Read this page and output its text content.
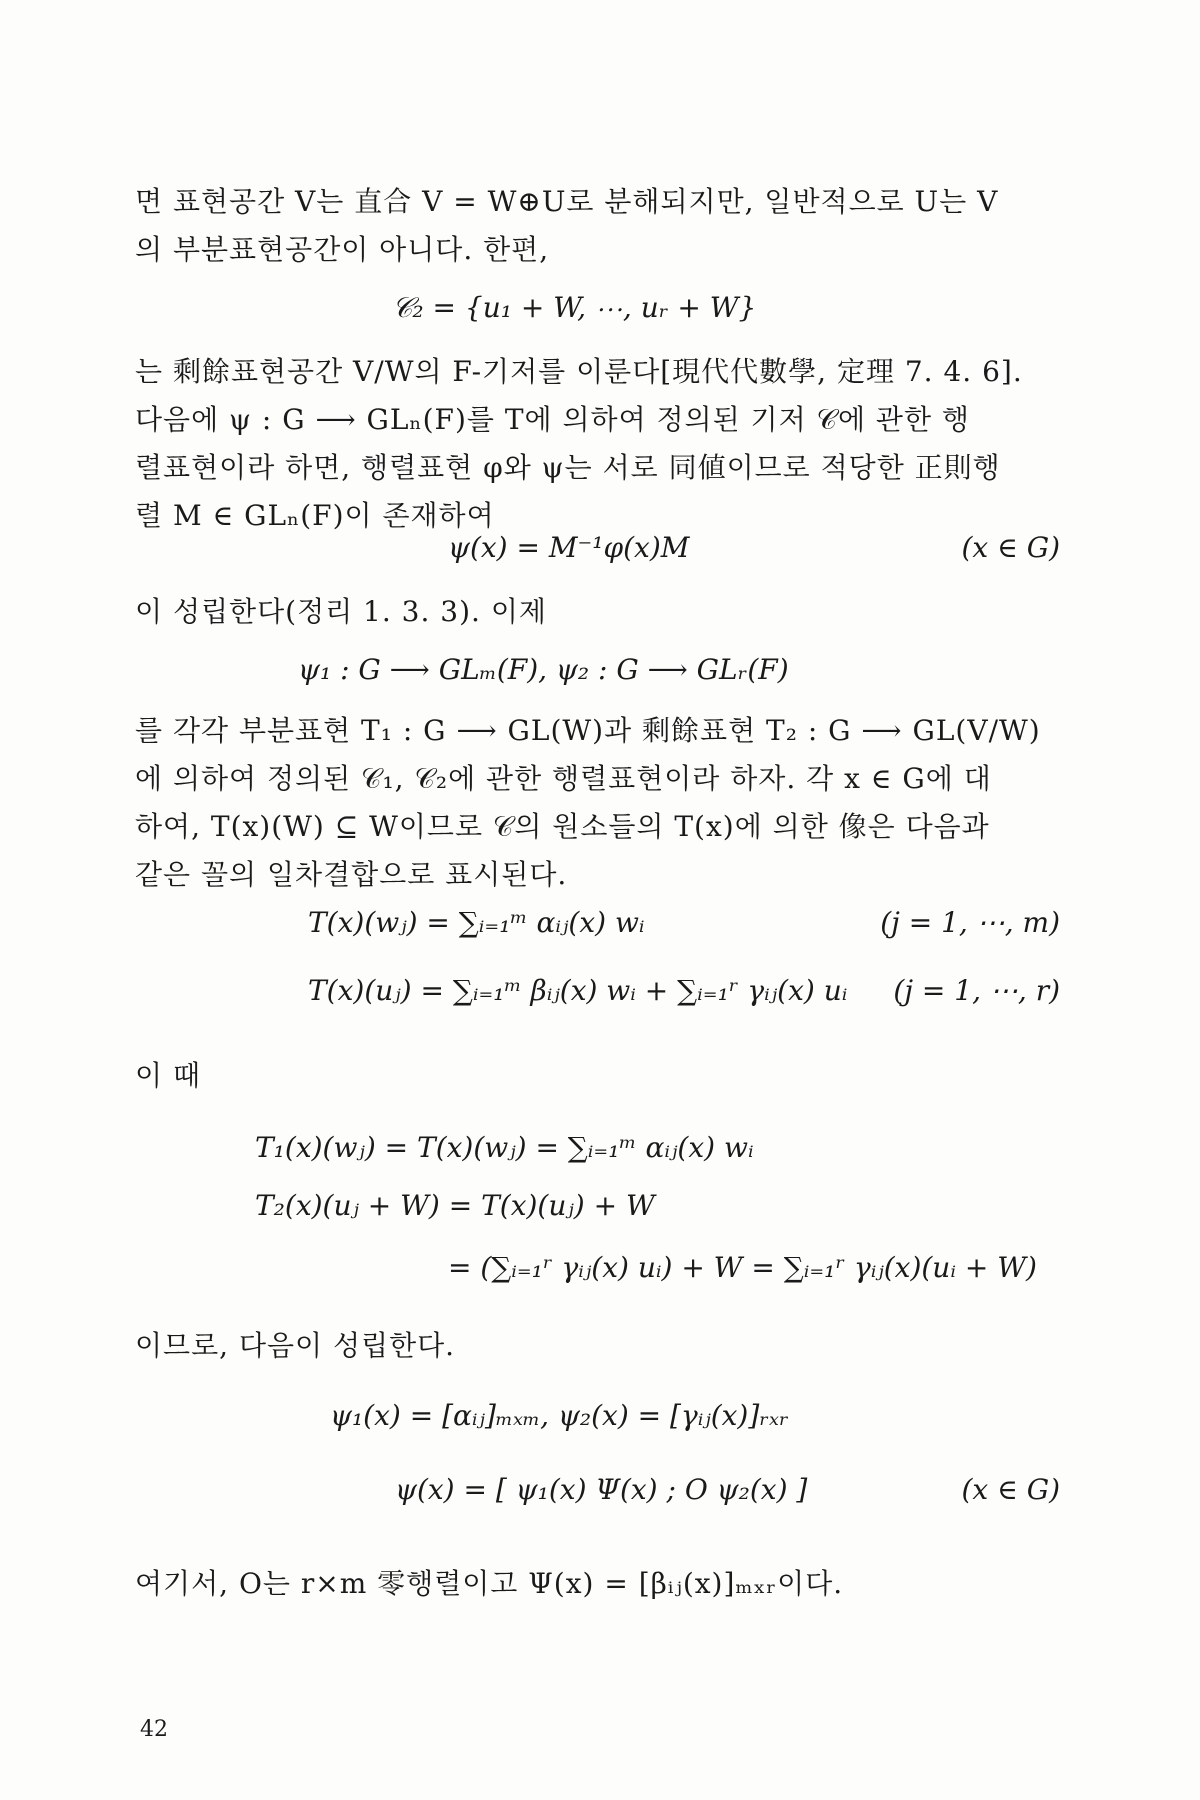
면 표현공간 V는 直合 V = W⊕U로 분해되지만, 일반적으로 U는 V
의 부분표현공간이 아니다. 한편,
𝒞₂ = {u₁ + W, ⋯, uᵣ + W}
는 剩餘표현공간 V/W의 F-기저를 이룬다[現代代數學, 定理 7. 4. 6].
다음에 ψ : G ⟶ GLₙ(F)를 T에 의하여 정의된 기저 𝒞에 관한 행
렬표현이라 하면, 행렬표현 φ와 ψ는 서로 同値이므로 적당한 正則행
렬 M ∈ GLₙ(F)이 존재하여
ψ(x) = M⁻¹φ(x)M	(x ∈ G)
이 성립한다(정리 1. 3. 3). 이제
ψ₁ : G ⟶ GLₘ(F), ψ₂ : G ⟶ GLᵣ(F)
를 각각 부분표현 T₁ : G ⟶ GL(W)과 剩餘표현 T₂ : G ⟶ GL(V/W)
에 의하여 정의된 𝒞₁, 𝒞₂에 관한 행렬표현이라 하자. 각 x ∈ G에 대
하여, T(x)(W) ⊆ W이므로 𝒞의 원소들의 T(x)에 의한 像은 다음과
같은 꼴의 일차결합으로 표시된다.
T(x)(wⱼ) = ∑ᵢ₌₁ᵐ αᵢⱼ(x) wᵢ	(j = 1, ⋯, m)
T(x)(uⱼ) = ∑ᵢ₌₁ᵐ βᵢⱼ(x) wᵢ + ∑ᵢ₌₁ʳ γᵢⱼ(x) uᵢ	(j = 1, ⋯, r)
이 때
T₁(x)(wⱼ) = T(x)(wⱼ) = ∑ᵢ₌₁ᵐ αᵢⱼ(x) wᵢ
T₂(x)(uⱼ + W) = T(x)(uⱼ) + W
= (∑ᵢ₌₁ʳ γᵢⱼ(x) uᵢ) + W = ∑ᵢ₌₁ʳ γᵢⱼ(x)(uᵢ + W)
이므로, 다음이 성립한다.
ψ₁(x) = [αᵢⱼ]ₘₓₘ, ψ₂(x) = [γᵢⱼ(x)]ᵣₓᵣ
ψ(x) = [ ψ₁(x) Ψ(x) ; O ψ₂(x) ]	(x ∈ G)
여기서, O는 r×m 零행렬이고 Ψ(x) = [βᵢⱼ(x)]ₘₓᵣ이다.
42
